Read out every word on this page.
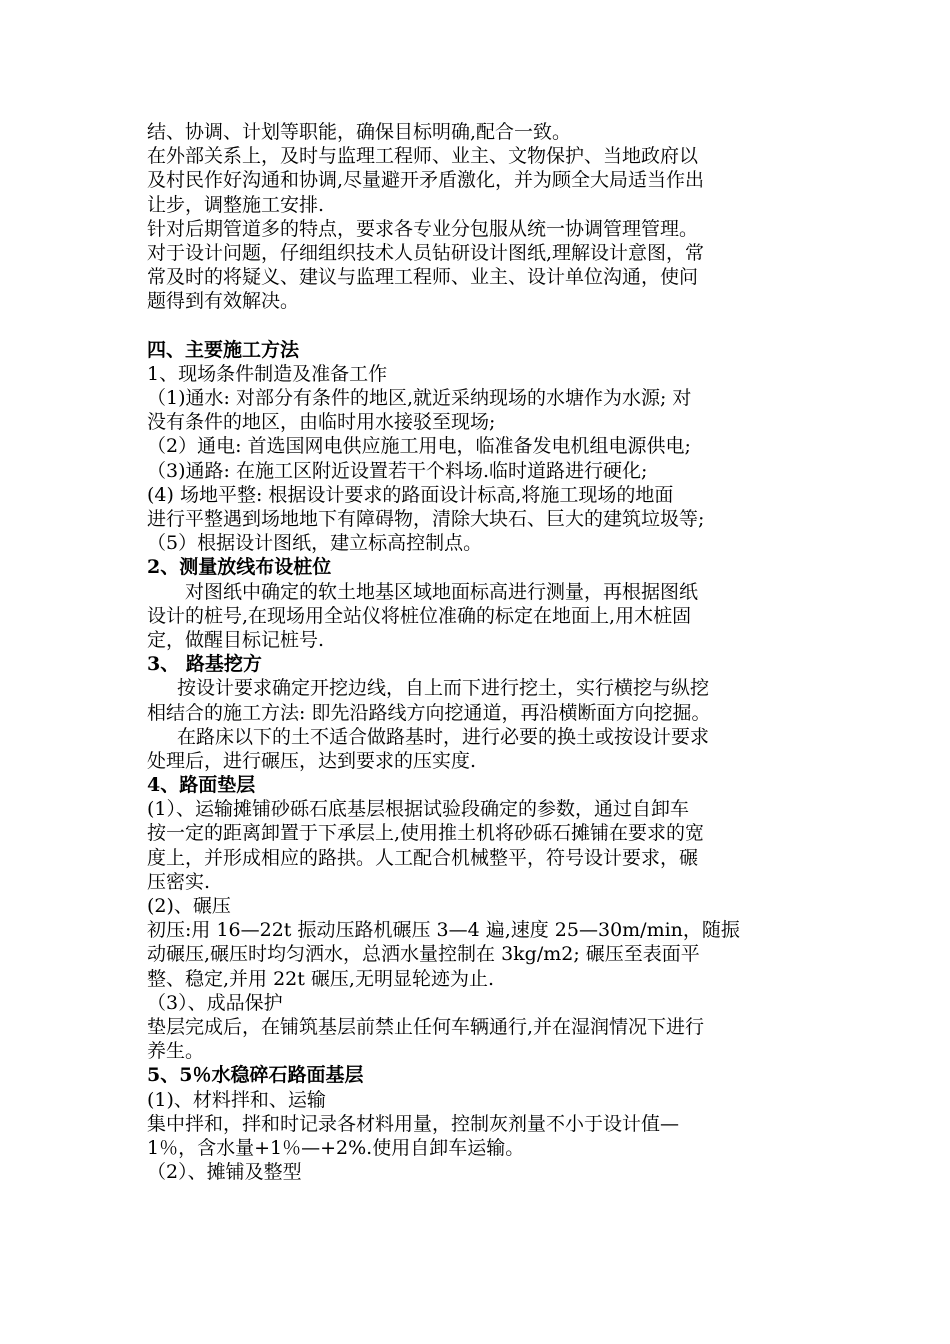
结、协调、计划等职能，确保目标明确,配合一致。
在外部关系上，及时与监理工程师、业主、文物保护、当地政府以
及村民作好沟通和协调,尽量避开矛盾激化，并为顾全大局适当作出
让步，调整施工安排.
针对后期管道多的特点，要求各专业分包服从统一协调管理管理。
对于设计问题，仔细组织技术人员钻研设计图纸,理解设计意图，常
常及时的将疑义、建议与监理工程师、业主、设计单位沟通，使问
题得到有效解决。
四、主要施工方法
1、现场条件制造及准备工作
（1)通水: 对部分有条件的地区,就近采纳现场的水塘作为水源; 对
没有条件的地区，由临时用水接驳至现场;
（2）通电: 首选国网电供应施工用电，临准备发电机组电源供电;
（3)通路: 在施工区附近设置若干个料场.临时道路进行硬化;
(4) 场地平整: 根据设计要求的路面设计标高,将施工现场的地面
进行平整遇到场地地下有障碍物，清除大块石、巨大的建筑垃圾等;
（5）根据设计图纸，建立标高控制点。
2、测量放线布设桩位
对图纸中确定的软土地基区域地面标高进行测量，再根据图纸
设计的桩号,在现场用全站仪将桩位准确的标定在地面上,用木桩固
定，做醒目标记桩号.
3、 路基挖方
按设计要求确定开挖边线，自上而下进行挖土，实行横挖与纵挖
相结合的施工方法: 即先沿路线方向挖通道，再沿横断面方向挖掘。
在路床以下的土不适合做路基时，进行必要的换土或按设计要求
处理后，进行碾压，达到要求的压实度.
4、路面垫层
(1）、运输摊铺砂砾石底基层根据试验段确定的参数，通过自卸车
按一定的距离卸置于下承层上,使用推土机将砂砾石摊铺在要求的宽
度上，并形成相应的路拱。人工配合机械整平，符号设计要求，碾
压密实.
(2)、碾压
初压:用 16—22t 振动压路机碾压 3—4 遍,速度 25—30m/min，随振
动碾压,碾压时均匀洒水，总洒水量控制在 3kg/m2; 碾压至表面平
整、稳定,并用 22t 碾压,无明显轮迹为止.
（3）、成品保护
垫层完成后，在铺筑基层前禁止任何车辆通行,并在湿润情况下进行
养生。
5、5％水稳碎石路面基层
(1)、材料拌和、运输
集中拌和，拌和时记录各材料用量，控制灰剂量不小于设计值—
1％，含水量+1％—+2%.使用自卸车运输。
（2）、摊铺及整型
